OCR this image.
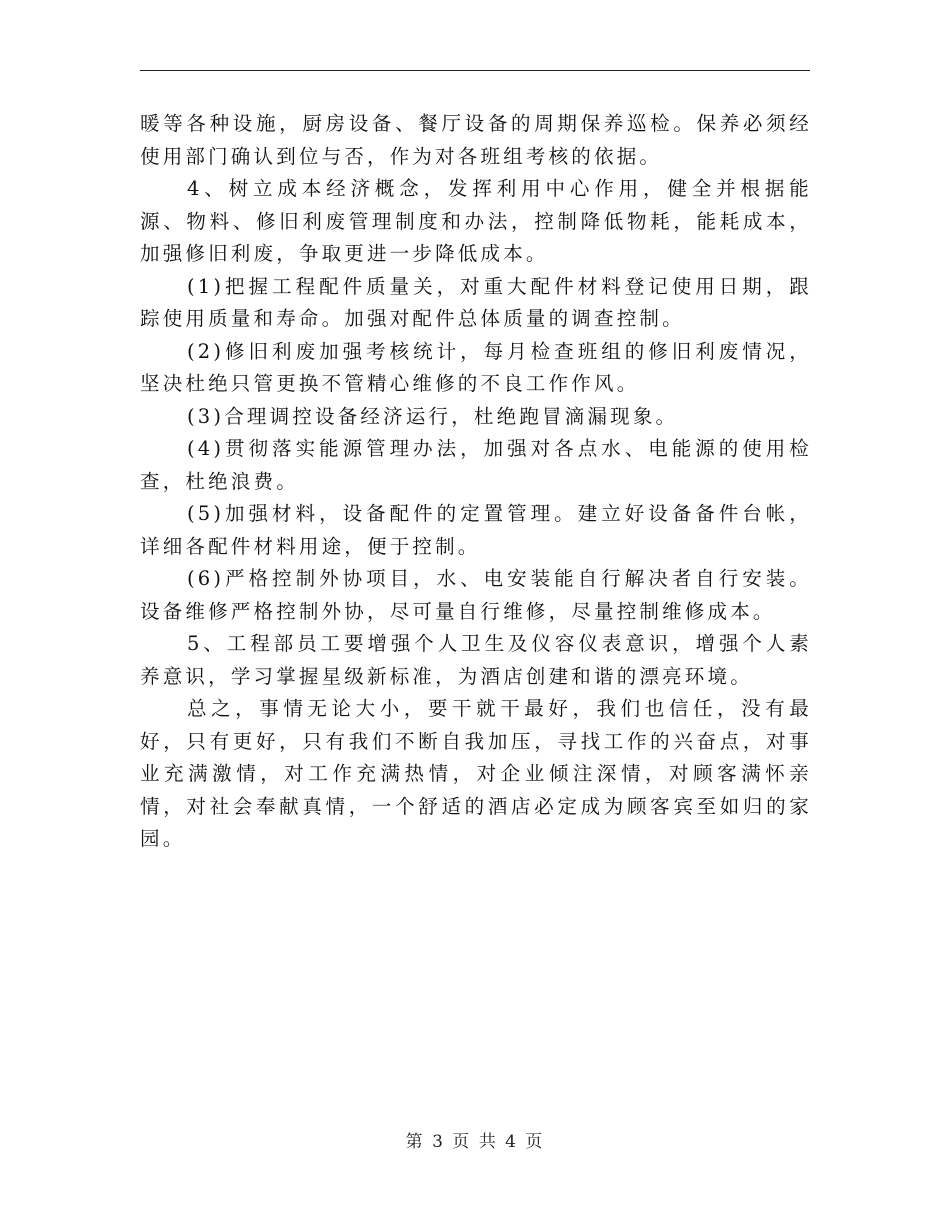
暖等各种设施，厨房设备、餐厅设备的周期保养巡检。保养必须经使用部门确认到位与否，作为对各班组考核的依据。

4、树立成本经济概念，发挥利用中心作用，健全并根据能源、物料、修旧利废管理制度和办法，控制降低物耗，能耗成本，加强修旧利废，争取更进一步降低成本。

(1)把握工程配件质量关，对重大配件材料登记使用日期，跟踪使用质量和寿命。加强对配件总体质量的调查控制。

(2)修旧利废加强考核统计，每月检查班组的修旧利废情况，坚决杜绝只管更换不管精心维修的不良工作作风。

(3)合理调控设备经济运行，杜绝跑冒滴漏现象。

(4)贯彻落实能源管理办法，加强对各点水、电能源的使用检查，杜绝浪费。

(5)加强材料，设备配件的定置管理。建立好设备备件台帐，详细各配件材料用途，便于控制。

(6)严格控制外协项目，水、电安装能自行解决者自行安装。设备维修严格控制外协，尽可量自行维修，尽量控制维修成本。

5、工程部员工要增强个人卫生及仪容仪表意识，增强个人素养意识，学习掌握星级新标准，为酒店创建和谐的漂亮环境。

总之，事情无论大小，要干就干最好，我们也信任，没有最好，只有更好，只有我们不断自我加压，寻找工作的兴奋点，对事业充满激情，对工作充满热情，对企业倾注深情，对顾客满怀亲情，对社会奉献真情，一个舒适的酒店必定成为顾客宾至如归的家园。

第 3 页 共 4 页
